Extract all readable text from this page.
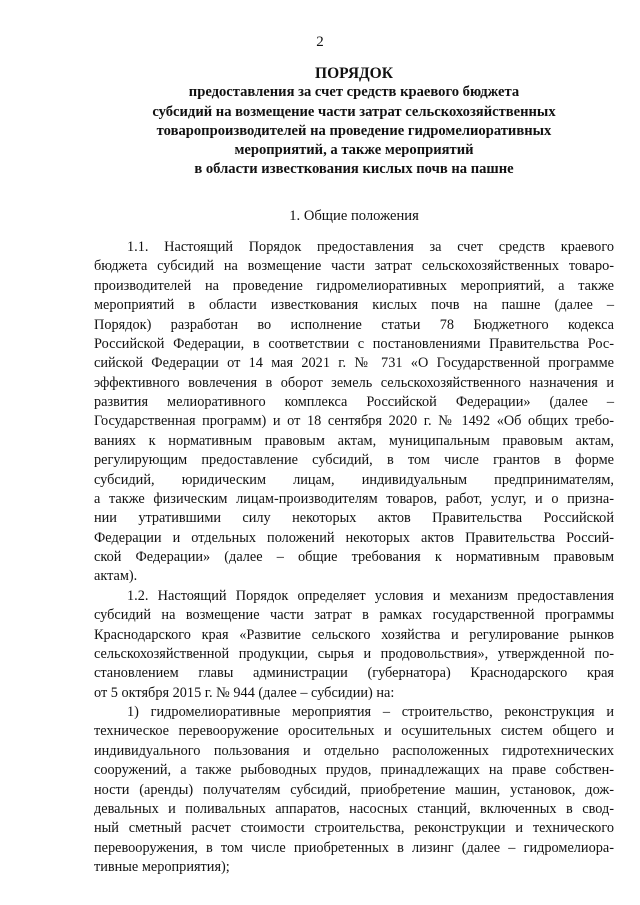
2
ПОРЯДОК
предоставления за счет средств краевого бюджета
субсидий на возмещение части затрат сельскохозяйственных
товаропроизводителей на проведение гидромелиоративных
мероприятий, а также мероприятий
в области известкования кислых почв на пашне
1. Общие положения
1.1. Настоящий Порядок предоставления за счет средств краевого
бюджета субсидий на возмещение части затрат сельскохозяйственных товаро-
производителей на проведение гидромелиоративных мероприятий, а также
мероприятий в области известкования кислых почв на пашне (далее –
Порядок) разработан во исполнение статьи 78 Бюджетного кодекса
Российской Федерации, в соответствии с постановлениями Правительства Рос-
сийской Федерации от 14 мая 2021 г. № 731 «О Государственной программе
эффективного вовлечения в оборот земель сельскохозяйственного назначения и
развития мелиоративного комплекса Российской Федерации» (далее –
Государственная программ) и от 18 сентября 2020 г. № 1492 «Об общих требо-
ваниях к нормативным правовым актам, муниципальным правовым актам,
регулирующим предоставление субсидий, в том числе грантов в форме
субсидий, юридическим лицам, индивидуальным предпринимателям,
а также физическим лицам-производителям товаров, работ, услуг, и о призна-
нии утратившими силу некоторых актов Правительства Российской
Федерации и отдельных положений некоторых актов Правительства Россий-
ской Федерации» (далее – общие требования к нормативным правовым
актам).
1.2. Настоящий Порядок определяет условия и механизм предоставления
субсидий на возмещение части затрат в рамках государственной программы
Краснодарского края «Развитие сельского хозяйства и регулирование рынков
сельскохозяйственной продукции, сырья и продовольствия», утвержденной по-
становлением главы администрации (губернатора) Краснодарского края
от 5 октября 2015 г. № 944 (далее – субсидии) на:
1) гидромелиоративные мероприятия – строительство, реконструкция и
техническое перевооружение оросительных и осушительных систем общего и
индивидуального пользования и отдельно расположенных гидротехнических
сооружений, а также рыбоводных прудов, принадлежащих на праве собствен-
ности (аренды) получателям субсидий, приобретение машин, установок, дож-
девальных и поливальных аппаратов, насосных станций, включенных в свод-
ный сметный расчет стоимости строительства, реконструкции и технического
перевооружения, в том числе приобретенных в лизинг (далее – гидромелиора-
тивные мероприятия);
